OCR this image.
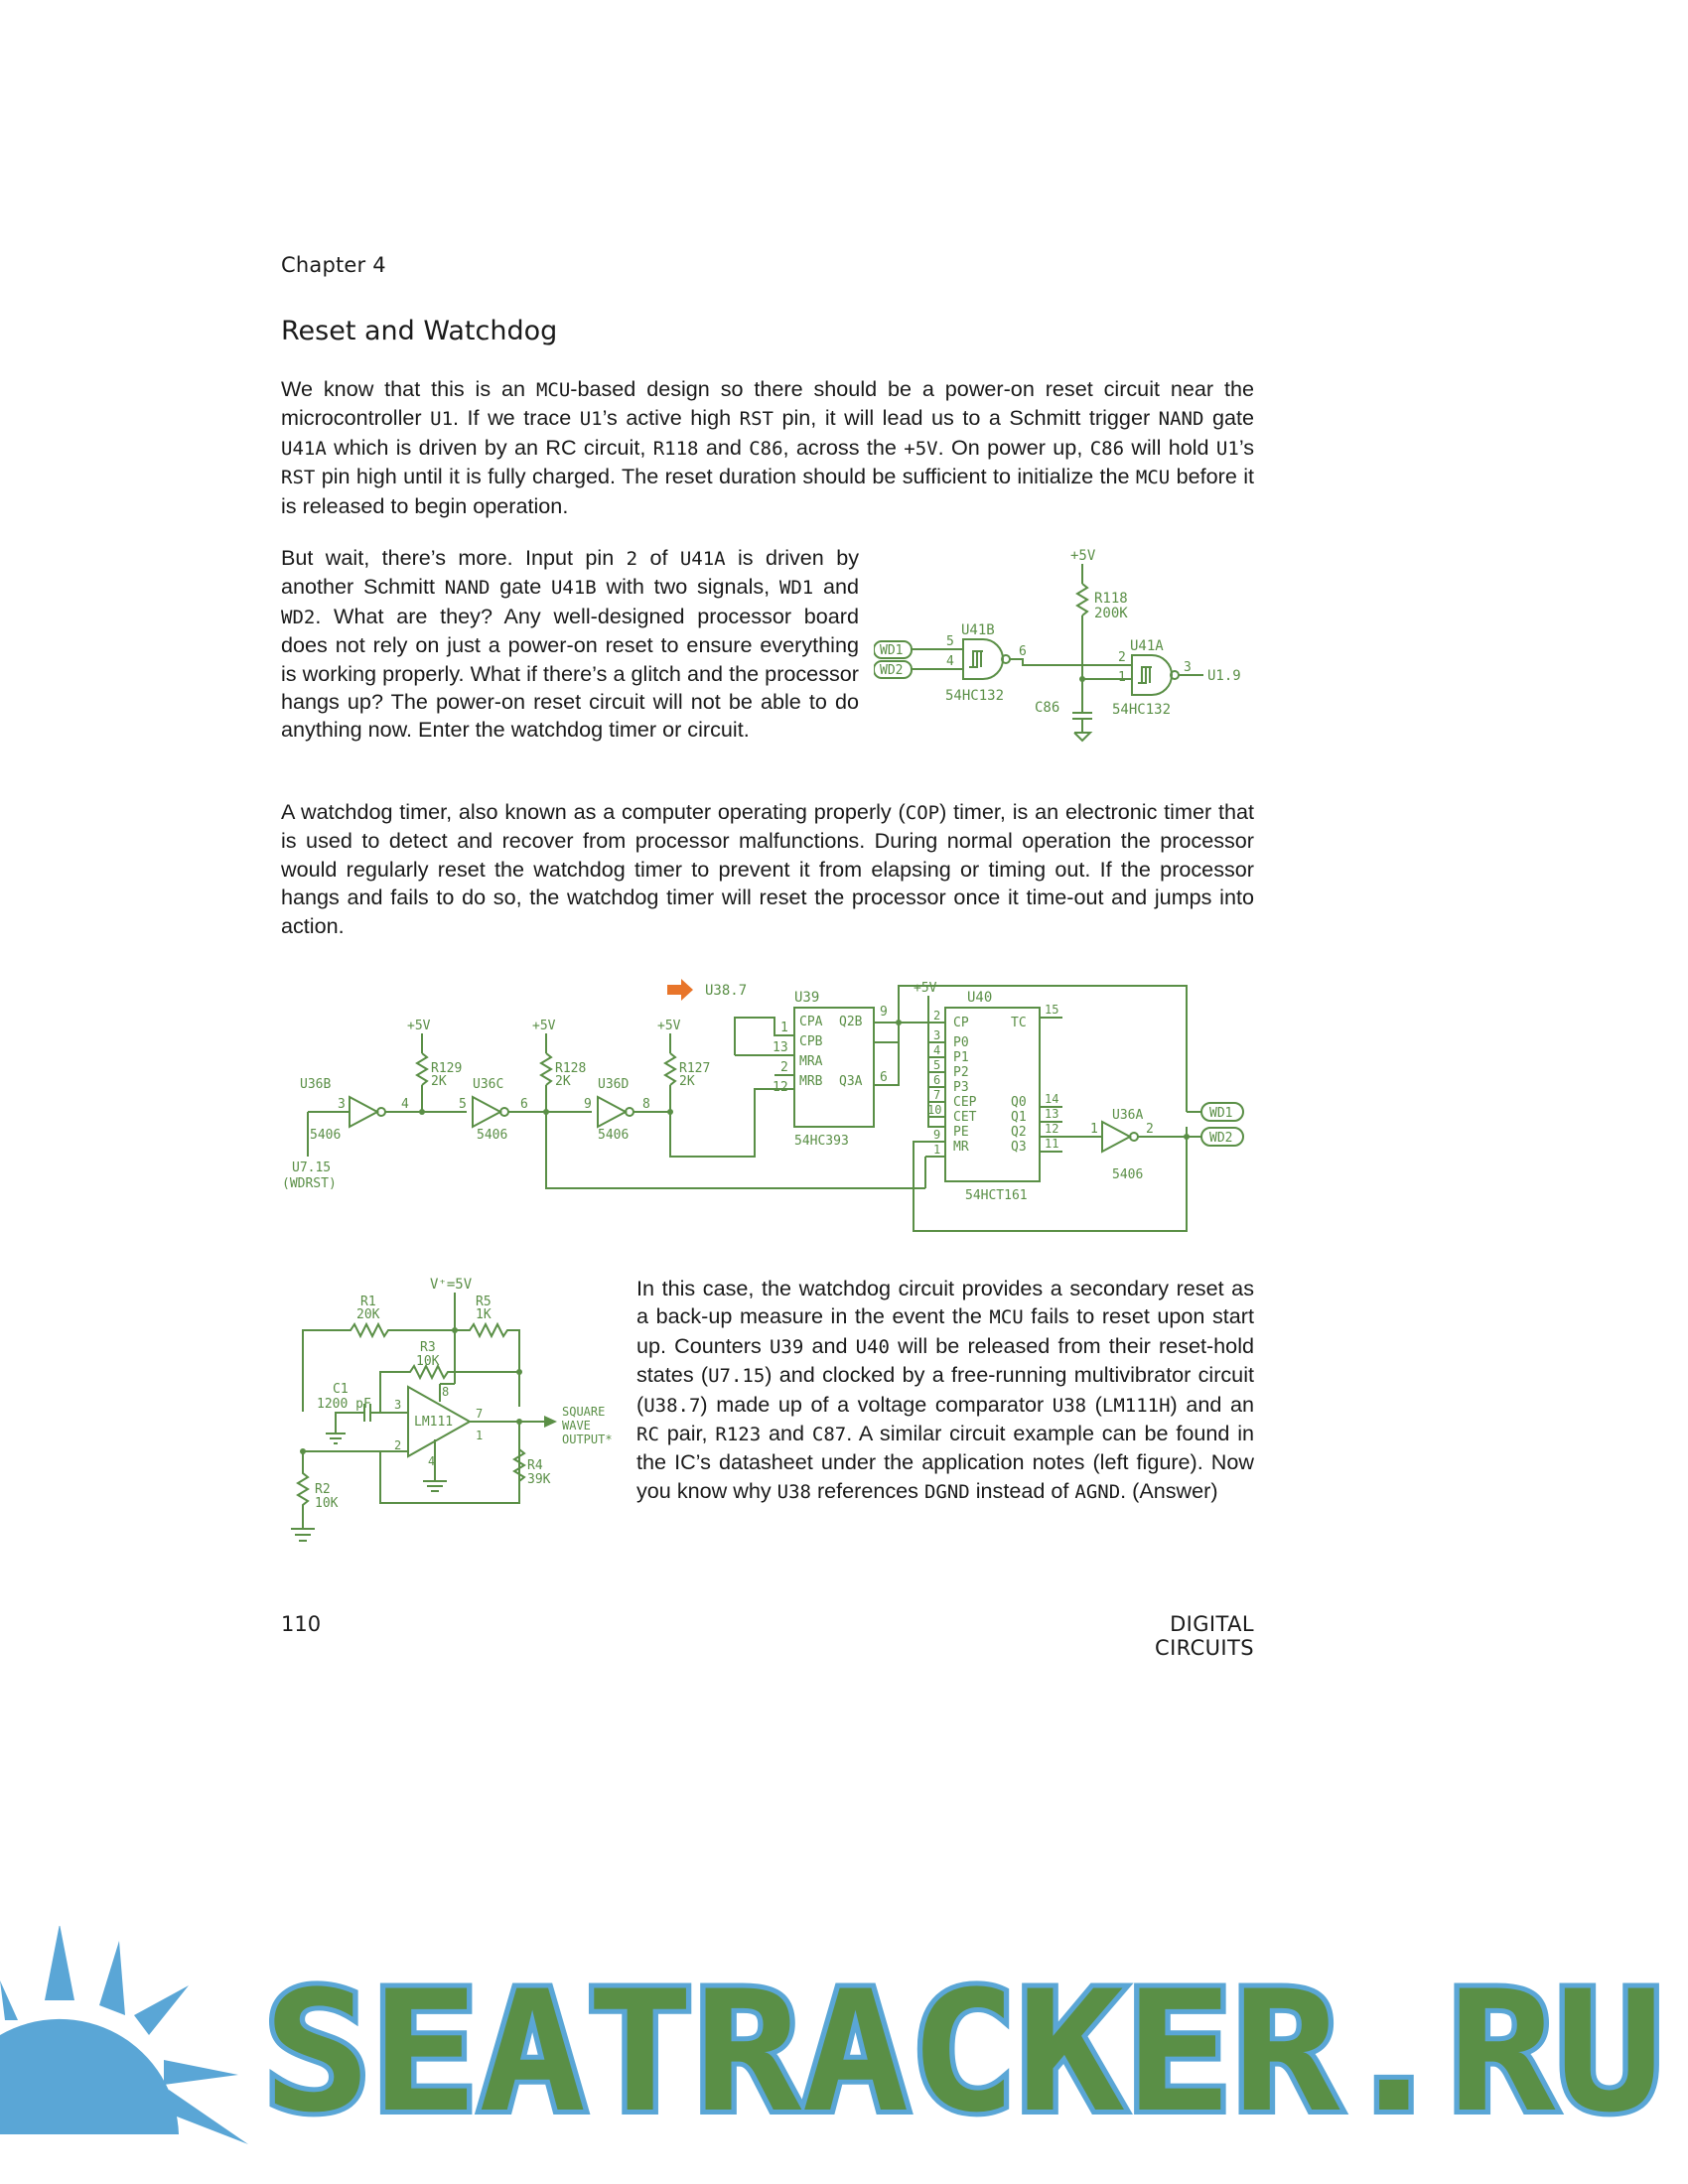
Chapter 4
Reset and Watchdog

We know that this is an MCU-based design so there should be a power-on reset circuit near the microcontroller U1. If we trace U1’s active high RST pin, it will lead us to a Schmitt trigger NAND gate U41A which is driven by an RC circuit, R118 and C86, across the +5V. On power up, C86 will hold U1’s RST pin high until it is fully charged. The reset duration should be sufficient to initialize the MCU before it is released to begin operation.

But wait, there’s more. Input pin 2 of U41A is driven by another Schmitt NAND gate U41B with two signals, WD1 and WD2. What are they? Any well-designed processor board does not rely on just a power-on reset to ensure everything is working properly. What if there’s a glitch and the processor hangs up? The power-on reset circuit will not be able to do anything now. Enter the watchdog timer or circuit.

A watchdog timer, also known as a computer operating properly (COP) timer, is an electronic timer that is used to detect and recover from processor malfunctions. During normal operation the processor would regularly reset the watchdog timer to prevent it from elapsing or timing out. If the processor hangs and fails to do so, the watchdog timer will reset the processor once it time-out and jumps into action.

In this case, the watchdog circuit provides a secondary reset as a back-up measure in the event the MCU fails to reset upon start up. Counters U39 and U40 will be released from their reset-hold states (U7.15) and clocked by a free-running multivibrator circuit (U38.7) made up of a voltage comparator U38 (LM111H) and an RC pair, R123 and C87. A similar circuit example can be found in the IC’s datasheet under the application notes (left figure). Now you know why U38 references DGND instead of AGND. (Answer)

+5V
R118
200K
C86
WD1
WD2
5
4
U41B
6
54HC132
2
1
U41A
3
U1.9
54HC132
U38.7
U36B
3	4
5406
U7.15
(WDRST)
+5V
R129
2K U36C
5	6
5406
+5V
R128
2K U36D
9	8
5406
+5V
R127
2K
1
U39
CPA
CPB
MRA
MRB
Q2B
Q3A
54HC393
13
2
12
9
6
+5V
U40
CP
P0
P1
P2
P3
CEP
CET
PE
MR
2
3
4
5
6
7
10
9
1
TC
Q0
Q1
Q2
Q3
54HCT161
15
14
13
12
11
U36A
1	2
5406
WD1
WD2
V⁺=5V
R1
20K
R5
1K
R3
10K
C1
1200 pF
LM111
3
2
8
7
1
4
SQUARE
WAVE
OUTPUT*
R4
39K
R2
10K
110	DIGITAL CIRCUITS
SEATRACKER.RU
